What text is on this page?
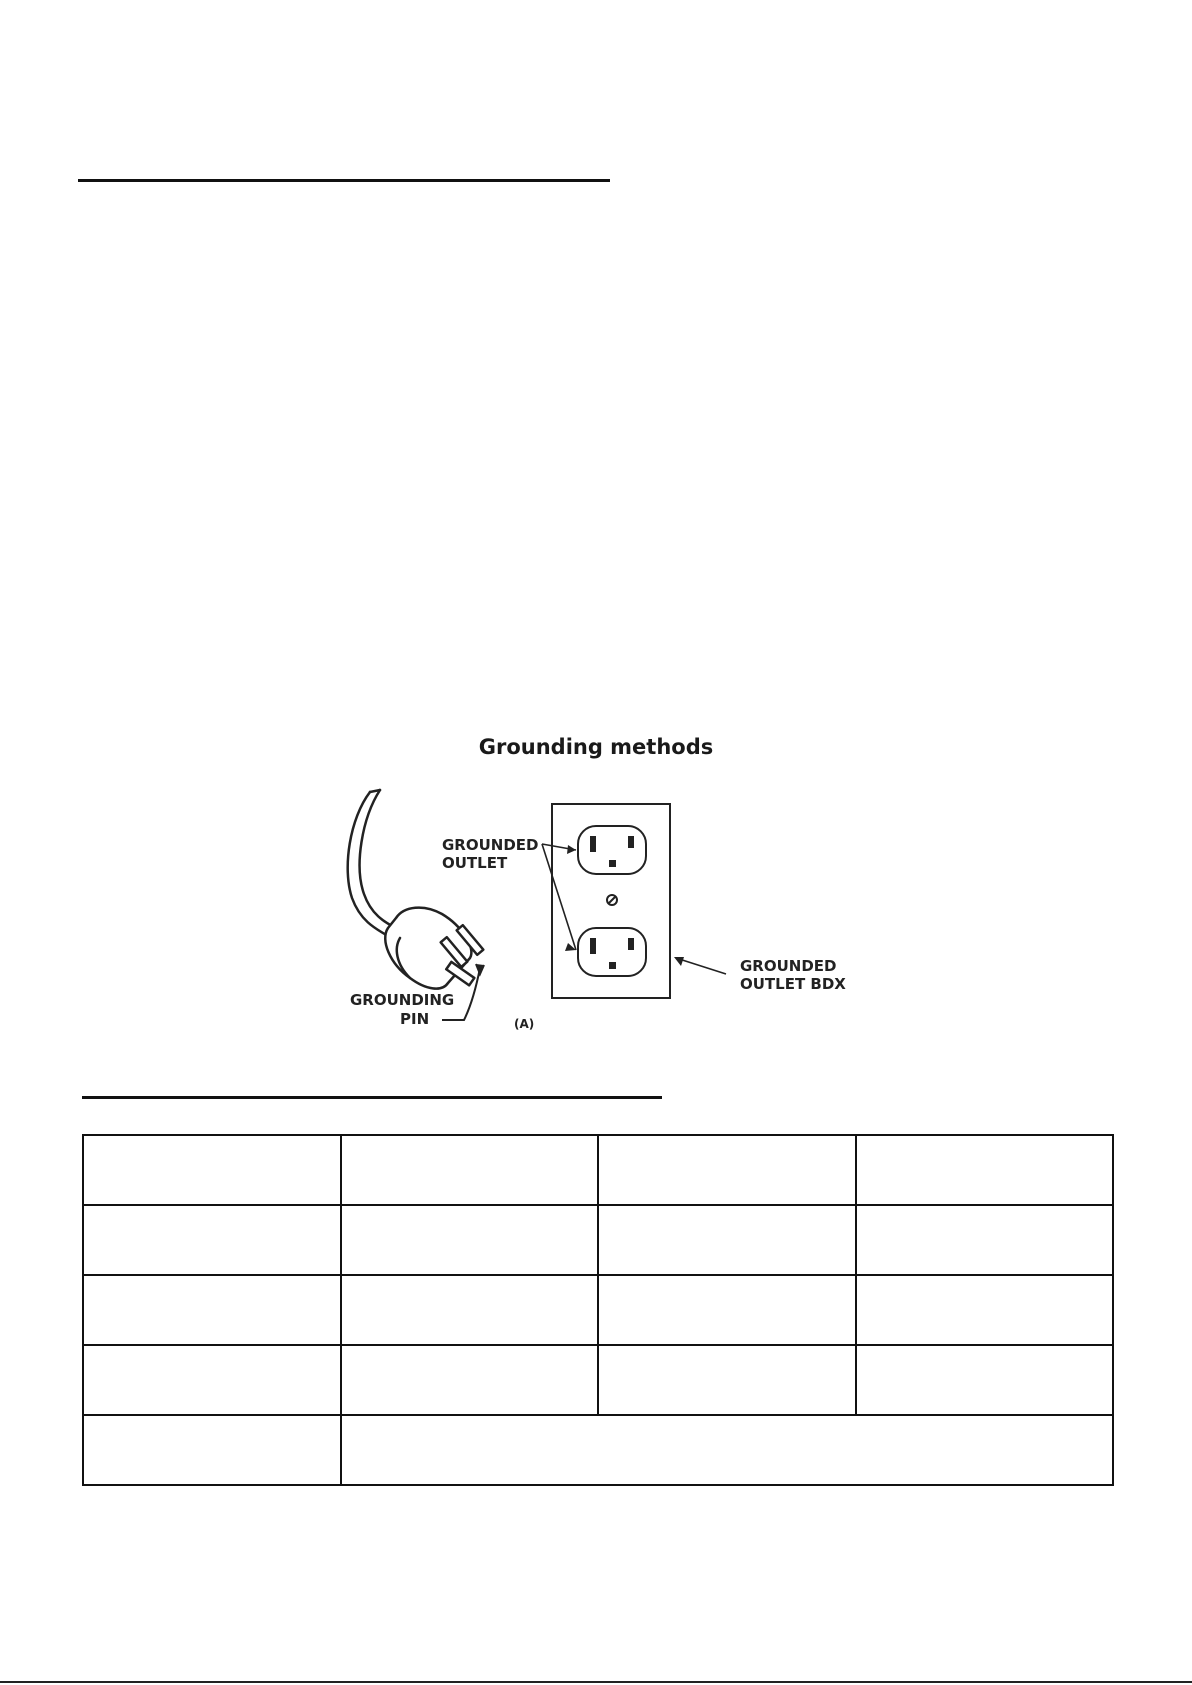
Grounding methods
GROUNDING
PIN
GROUNDED
OUTLET
GROUNDED
OUTLET BDX
(A)
